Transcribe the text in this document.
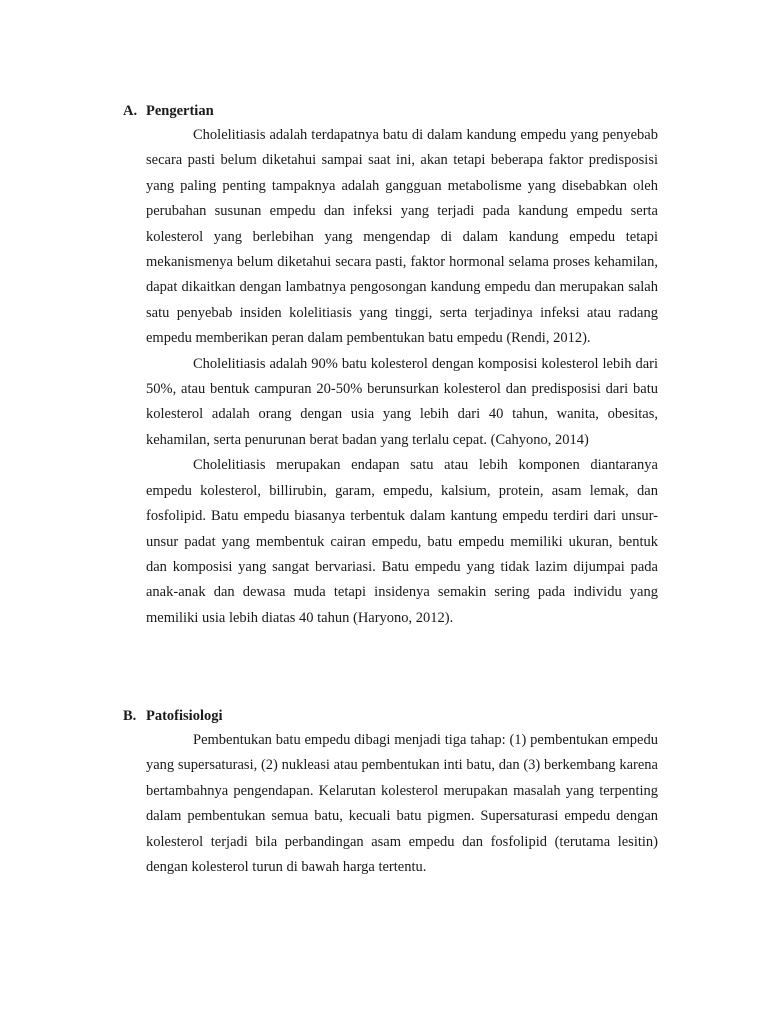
A. Pengertian

Cholelitiasis adalah terdapatnya batu di dalam kandung empedu yang penyebab secara pasti belum diketahui sampai saat ini, akan tetapi beberapa faktor predisposisi yang paling penting tampaknya adalah gangguan metabolisme yang disebabkan oleh perubahan susunan empedu dan infeksi yang terjadi pada kandung empedu serta kolesterol yang berlebihan yang mengendap di dalam kandung empedu tetapi mekanismenya belum diketahui secara pasti, faktor hormonal selama proses kehamilan, dapat dikaitkan dengan lambatnya pengosongan kandung empedu dan merupakan salah satu penyebab insiden kolelitiasis yang tinggi, serta terjadinya infeksi atau radang empedu memberikan peran dalam pembentukan batu empedu (Rendi, 2012).

Cholelitiasis adalah 90% batu kolesterol dengan komposisi kolesterol lebih dari 50%, atau bentuk campuran 20-50% berunsurkan kolesterol dan predisposisi dari batu kolesterol adalah orang dengan usia yang lebih dari 40 tahun, wanita, obesitas, kehamilan, serta penurunan berat badan yang terlalu cepat. (Cahyono, 2014)

Cholelitiasis merupakan endapan satu atau lebih komponen diantaranya empedu kolesterol, billirubin, garam, empedu, kalsium, protein, asam lemak, dan fosfolipid. Batu empedu biasanya terbentuk dalam kantung empedu terdiri dari unsur- unsur padat yang membentuk cairan empedu, batu empedu memiliki ukuran, bentuk dan komposisi yang sangat bervariasi. Batu empedu yang tidak lazim dijumpai pada anak-anak dan dewasa muda tetapi insidenya semakin sering pada individu yang memiliki usia lebih diatas 40 tahun (Haryono, 2012).

B. Patofisiologi

Pembentukan batu empedu dibagi menjadi tiga tahap: (1) pembentukan empedu yang supersaturasi, (2) nukleasi atau pembentukan inti batu, dan (3) berkembang karena bertambahnya pengendapan. Kelarutan kolesterol merupakan masalah yang terpenting dalam pembentukan semua batu, kecuali batu pigmen. Supersaturasi empedu dengan kolesterol terjadi bila perbandingan asam empedu dan fosfolipid (terutama lesitin) dengan kolesterol turun di bawah harga tertentu.
